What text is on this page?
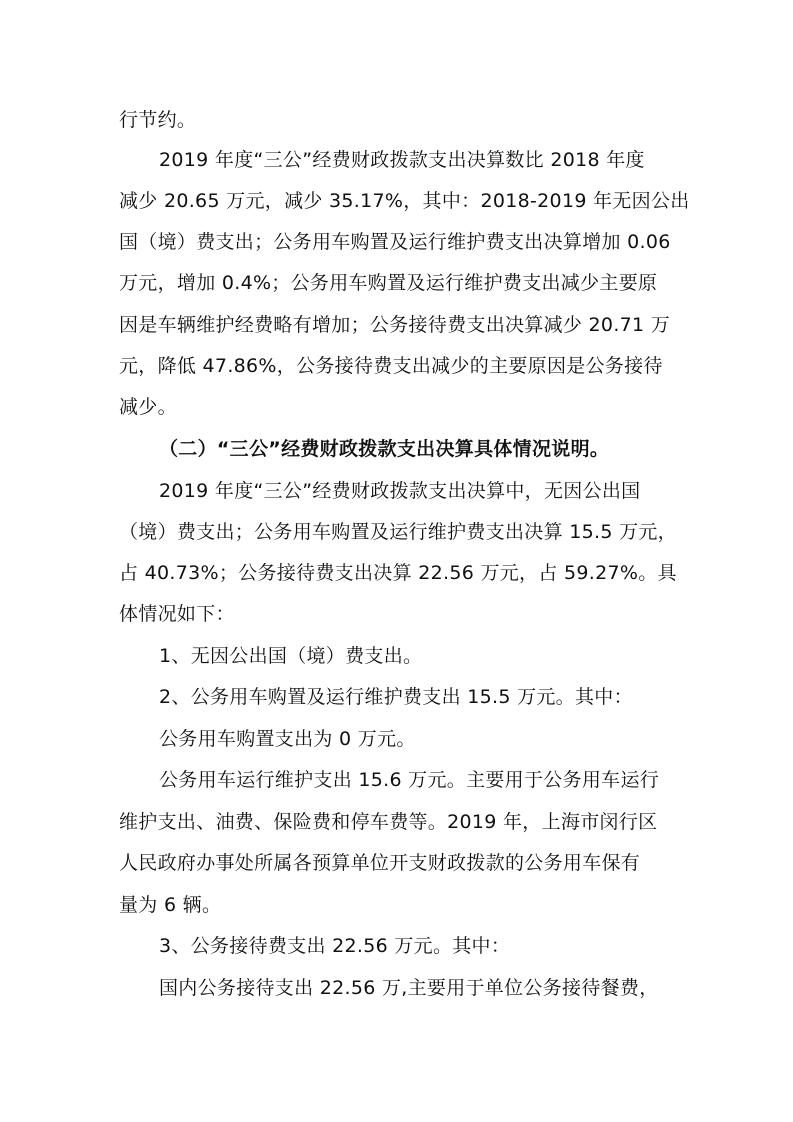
行节约。
2019 年度“三公”经费财政拨款支出决算数比 2018 年度
减少 20.65 万元，减少 35.17%，其中：2018-2019 年无因公出
国（境）费支出；公务用车购置及运行维护费支出决算增加 0.06
万元，增加 0.4%；公务用车购置及运行维护费支出减少主要原
因是车辆维护经费略有增加；公务接待费支出决算减少 20.71 万
元，降低 47.86%，公务接待费支出减少的主要原因是公务接待
减少。
（二）“三公”经费财政拨款支出决算具体情况说明。
2019 年度“三公”经费财政拨款支出决算中，无因公出国
（境）费支出；公务用车购置及运行维护费支出决算 15.5 万元，
占 40.73%；公务接待费支出决算 22.56 万元，占 59.27%。具
体情况如下：
1、无因公出国（境）费支出。
2、公务用车购置及运行维护费支出 15.5 万元。其中：
公务用车购置支出为 0 万元。
公务用车运行维护支出 15.6 万元。主要用于公务用车运行
维护支出、油费、保险费和停车费等。2019 年，上海市闵行区
人民政府办事处所属各预算单位开支财政拨款的公务用车保有
量为 6 辆。
3、公务接待费支出 22.56 万元。其中：
国内公务接待支出 22.56 万,主要用于单位公务接待餐费，
